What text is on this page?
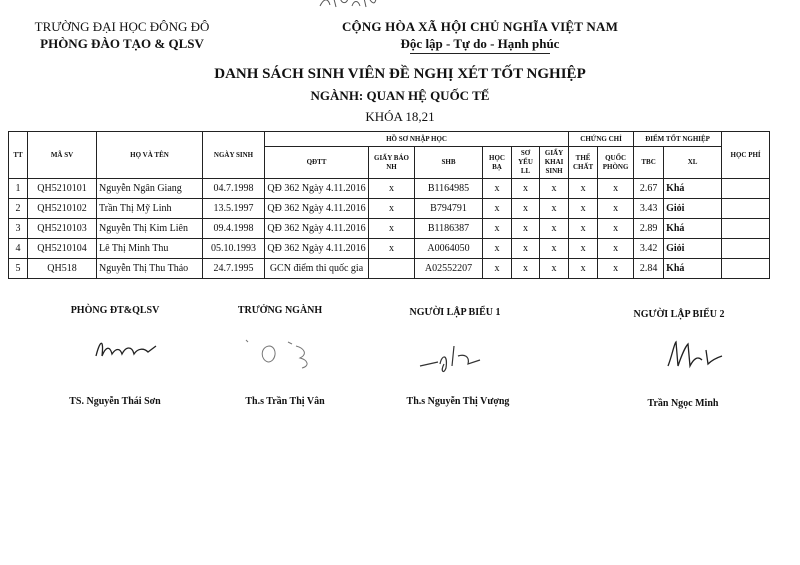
TRƯỜNG ĐẠI HỌC ĐÔNG ĐÔ
PHÒNG ĐÀO TẠO & QLSV
CỘNG HÒA XÃ HỘI CHỦ NGHĨA VIỆT NAM
Độc lập - Tự do - Hạnh phúc
DANH SÁCH SINH VIÊN ĐỀ NGHỊ XÉT TỐT NGHIỆP
NGÀNH: QUAN HỆ QUỐC TẾ
KHÓA 18,21
TT	MÃ SV	HỌ VÀ TÊN	NGÀY SINH	HỒ SƠ NHẬP HỌC						CHỨNG CHỈ		ĐIỂM TỐT NGHIỆP		HỌC PHÍ
				QĐTT	GIẤY BÁO NH	SHB	HỌC BẠ	SƠ YẾU LL	GIẤY KHAI SINH	THỂ CHẤT	QUỐC PHÒNG	TBC	XL	
1	QH5210101	Nguyễn Ngân Giang	04.7.1998	QĐ 362 Ngày 4.11.2016	x	B1164985	x	x	x	x	x	2.67	Khá	
2	QH5210102	Trần Thị Mỹ Linh	13.5.1997	QĐ 362 Ngày 4.11.2016	x	B794791	x	x	x	x	x	3.43	Giỏi	
3	QH5210103	Nguyễn Thị Kim Liên	09.4.1998	QĐ 362 Ngày 4.11.2016	x	B1186387	x	x	x	x	x	2.89	Khá	
4	QH5210104	Lê Thị Minh Thu	05.10.1993	QĐ 362 Ngày 4.11.2016	x	A0064050	x	x	x	x	x	3.42	Giỏi	
5	QH518	Nguyễn Thị Thu Thảo	24.7.1995	GCN điểm thi quốc gia		A02552207	x	x	x	x	x	2.84	Khá	
PHÒNG ĐT&QLSV	TRƯỞNG NGÀNH	NGƯỜI LẬP BIỂU 1	NGƯỜI LẬP BIỂU 2
TS. Nguyễn Thái Sơn	Th.s Trần Thị Vân	Th.s Nguyễn Thị Vượng	Trần Ngọc Minh
